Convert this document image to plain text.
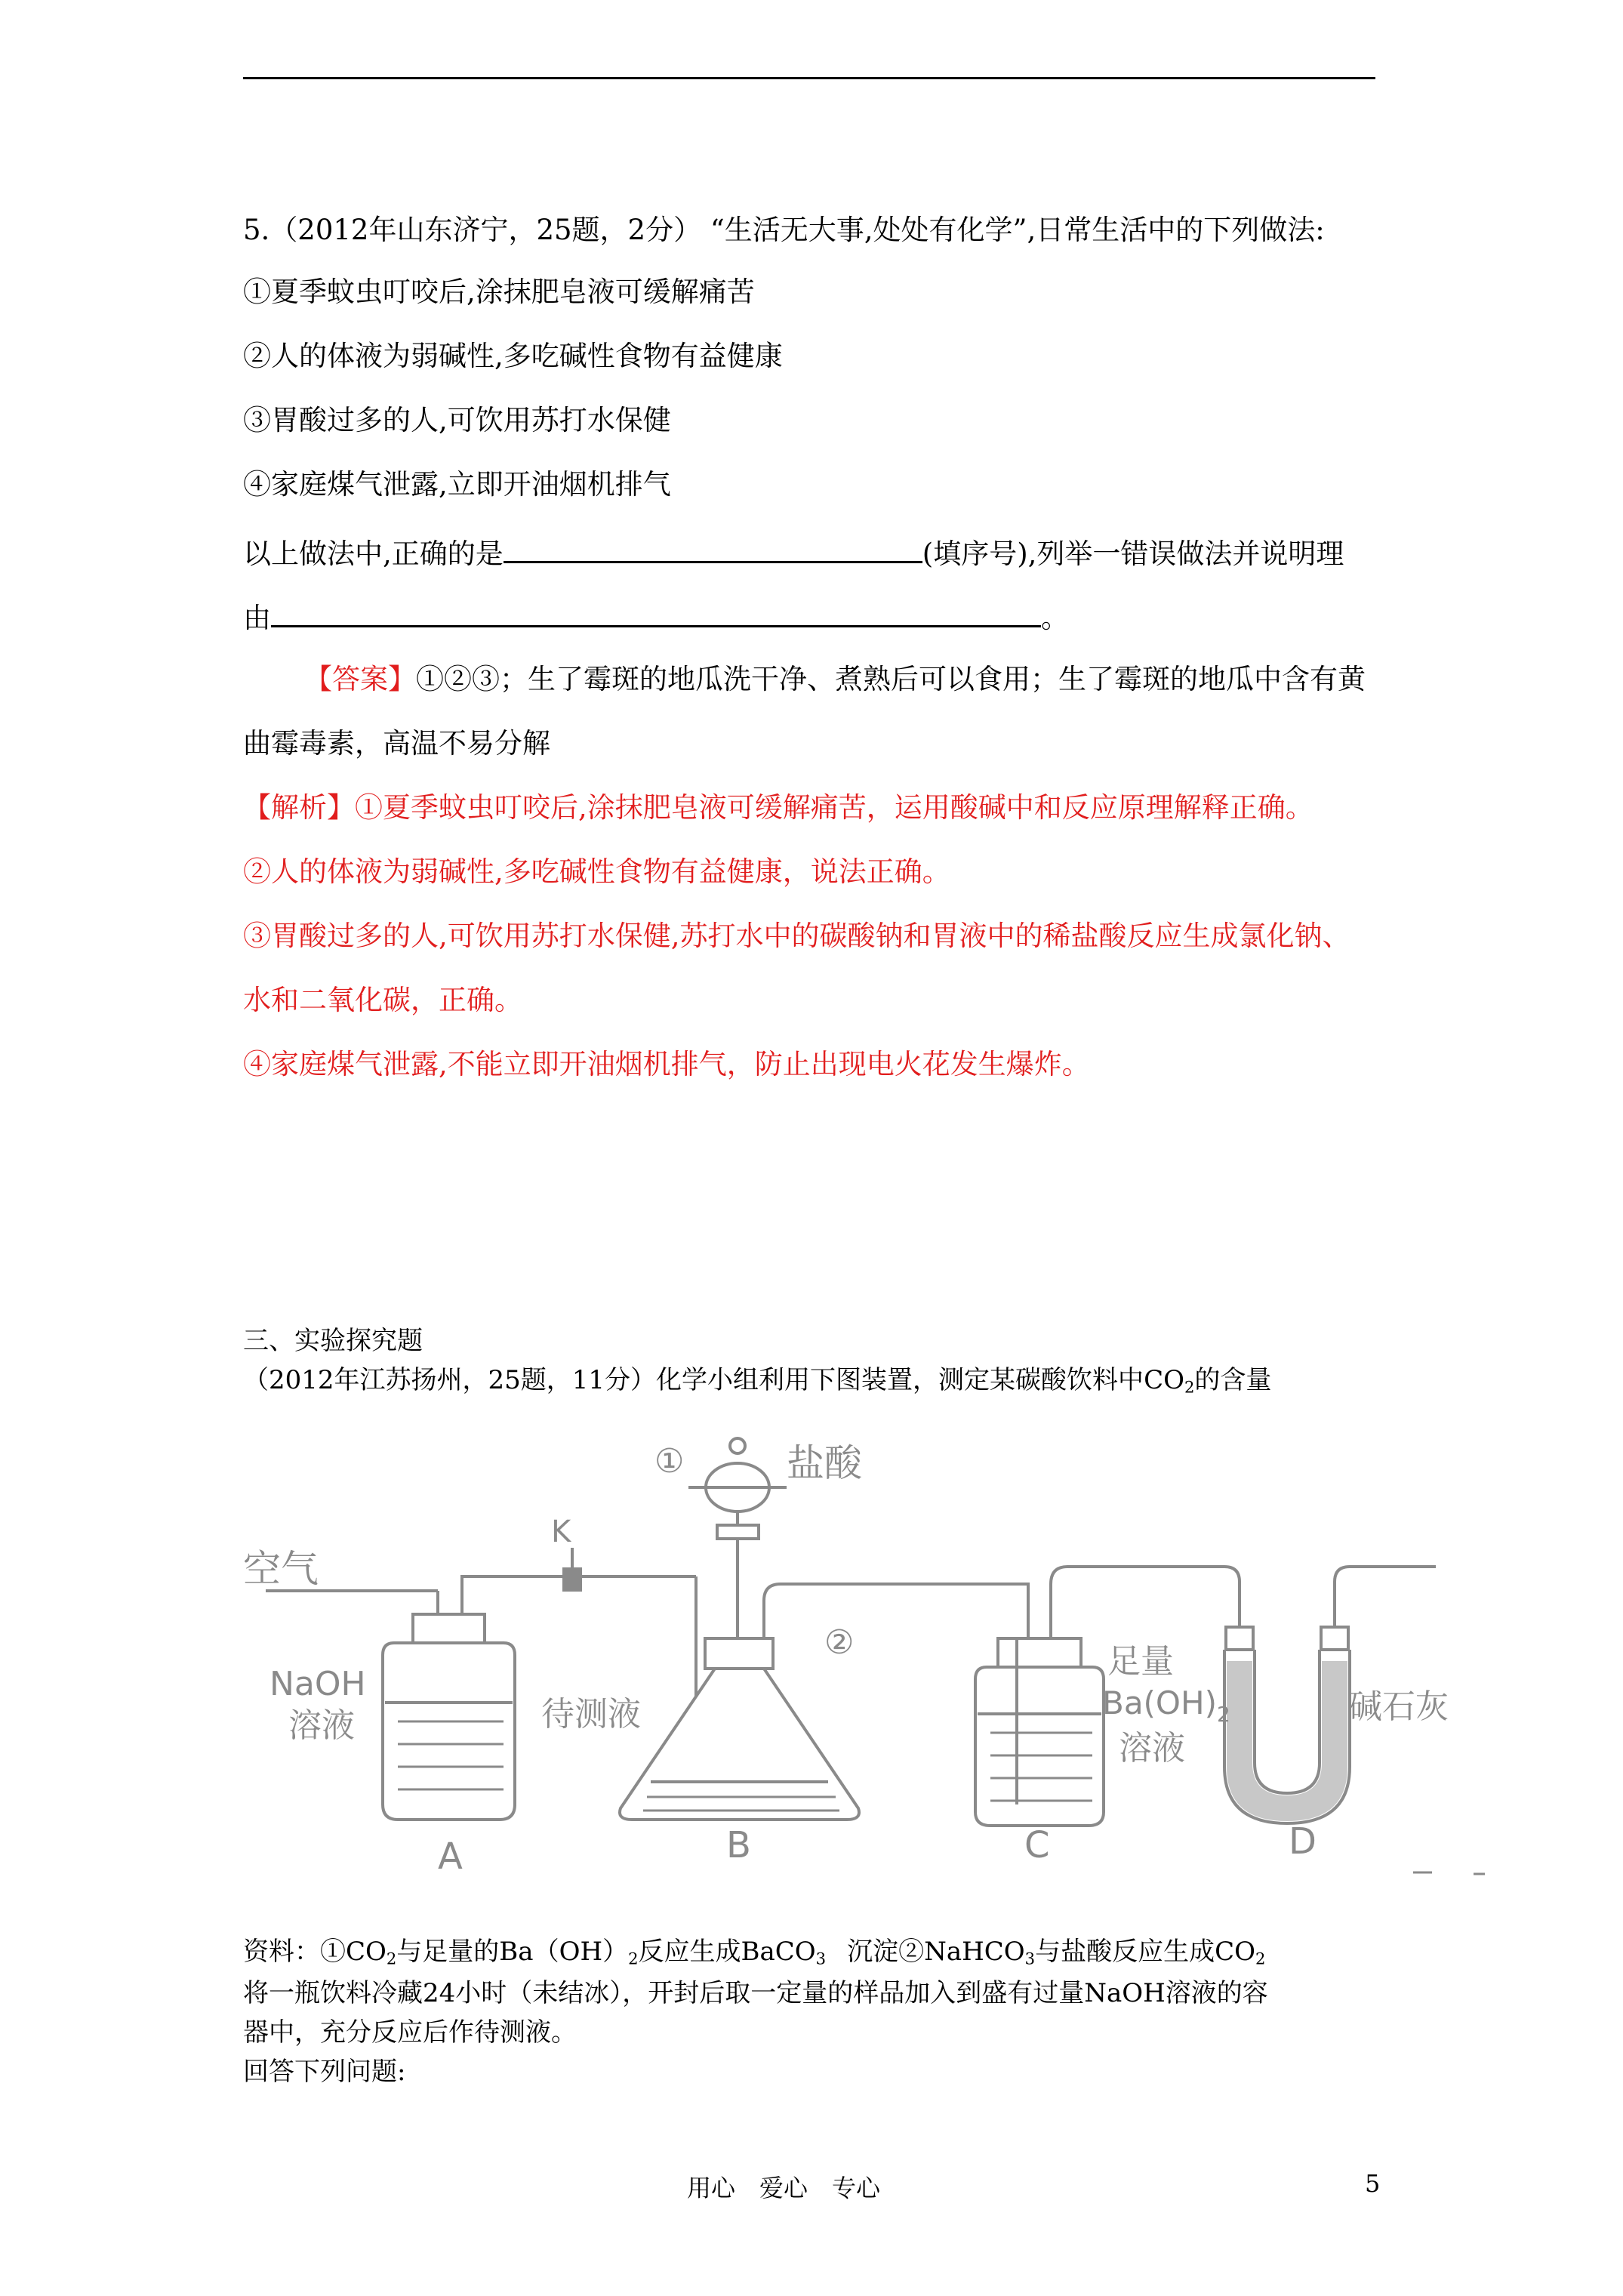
5.（2012年山东济宁，25题，2分） “生活无大事,处处有化学”,日常生活中的下列做法:
①夏季蚊虫叮咬后,涂抹肥皂液可缓解痛苦
②人的体液为弱碱性,多吃碱性食物有益健康
③胃酸过多的人,可饮用苏打水保健
④家庭煤气泄露,立即开油烟机排气
以上做法中,正确的是	(填序号),列举一错误做法并说明理
由	。
【答案】①②③；生了霉斑的地瓜洗干净、煮熟后可以食用；生了霉斑的地瓜中含有黄
曲霉毒素，高温不易分解
【解析】①夏季蚊虫叮咬后,涂抹肥皂液可缓解痛苦，运用酸碱中和反应原理解释正确。
②人的体液为弱碱性,多吃碱性食物有益健康，说法正确。
③胃酸过多的人,可饮用苏打水保健,苏打水中的碳酸钠和胃液中的稀盐酸反应生成氯化钠、
水和二氧化碳，正确。
④家庭煤气泄露,不能立即开油烟机排气，防止出现电火花发生爆炸。
三、实验探究题
（2012年江苏扬州，25题，11分）化学小组利用下图装置，测定某碳酸饮料中$CO_2$的含量
空气
K
①	盐酸
②
NaOH
溶液	待测液
足量
$Ba(OH)_2$
溶液
碱石灰
A	B	C	D
资料：$①CO_2$与足量的$Ba(OH)_2$反应生成BaCO$_3$ 沉淀②NaHCO$_3$与盐酸反应生成$CO_2$
将一瓶饮料冷藏24小时（未结冰），开封后取一定量的样品加入到盛有过量NaOH溶液的容
器中，充分反应后作待测液。
回答下列问题:
用心　爱心　专心	5
